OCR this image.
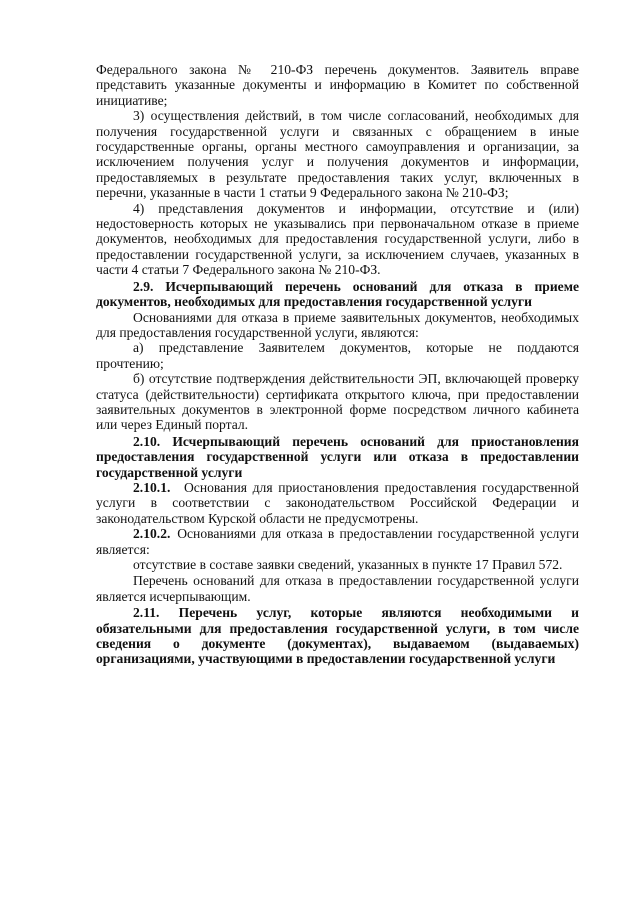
Федерального закона № 210-ФЗ перечень документов. Заявитель вправе представить указанные документы и информацию в Комитет по собственной инициативе;

3) осуществления действий, в том числе согласований, необходимых для получения государственной услуги и связанных с обращением в иные государственные органы, органы местного самоуправления и организации, за исключением получения услуг и получения документов и информации, предоставляемых в результате предоставления таких услуг, включенных в перечни, указанные в части 1 статьи 9 Федерального закона № 210-ФЗ;

4) представления документов и информации, отсутствие и (или) недостоверность которых не указывались при первоначальном отказе в приеме документов, необходимых для предоставления государственной услуги, либо в предоставлении государственной услуги, за исключением случаев, указанных в части 4 статьи 7 Федерального закона № 210-ФЗ.

2.9. Исчерпывающий перечень оснований для отказа в приеме документов, необходимых для предоставления государственной услуги

Основаниями для отказа в приеме заявительных документов, необходимых для предоставления государственной услуги, являются:

а) представление Заявителем документов, которые не поддаются прочтению;

б) отсутствие подтверждения действительности ЭП, включающей проверку статуса (действительности) сертификата открытого ключа, при предоставлении заявительных документов в электронной форме посредством личного кабинета или через Единый портал.

2.10. Исчерпывающий перечень оснований для приостановления предоставления государственной услуги или отказа в предоставлении государственной услуги

2.10.1.  Основания для приостановления предоставления государственной услуги в соответствии с законодательством Российской Федерации и законодательством Курской области не предусмотрены.

2.10.2.  Основаниями для отказа в предоставлении государственной услуги является:

отсутствие в составе заявки сведений, указанных в пункте 17 Правил 572.

Перечень оснований для отказа в предоставлении государственной услуги является исчерпывающим.

2.11. Перечень услуг, которые являются необходимыми и обязательными для предоставления государственной услуги, в том числе сведения о документе (документах), выдаваемом (выдаваемых) организациями, участвующими в предоставлении государственной услуги
